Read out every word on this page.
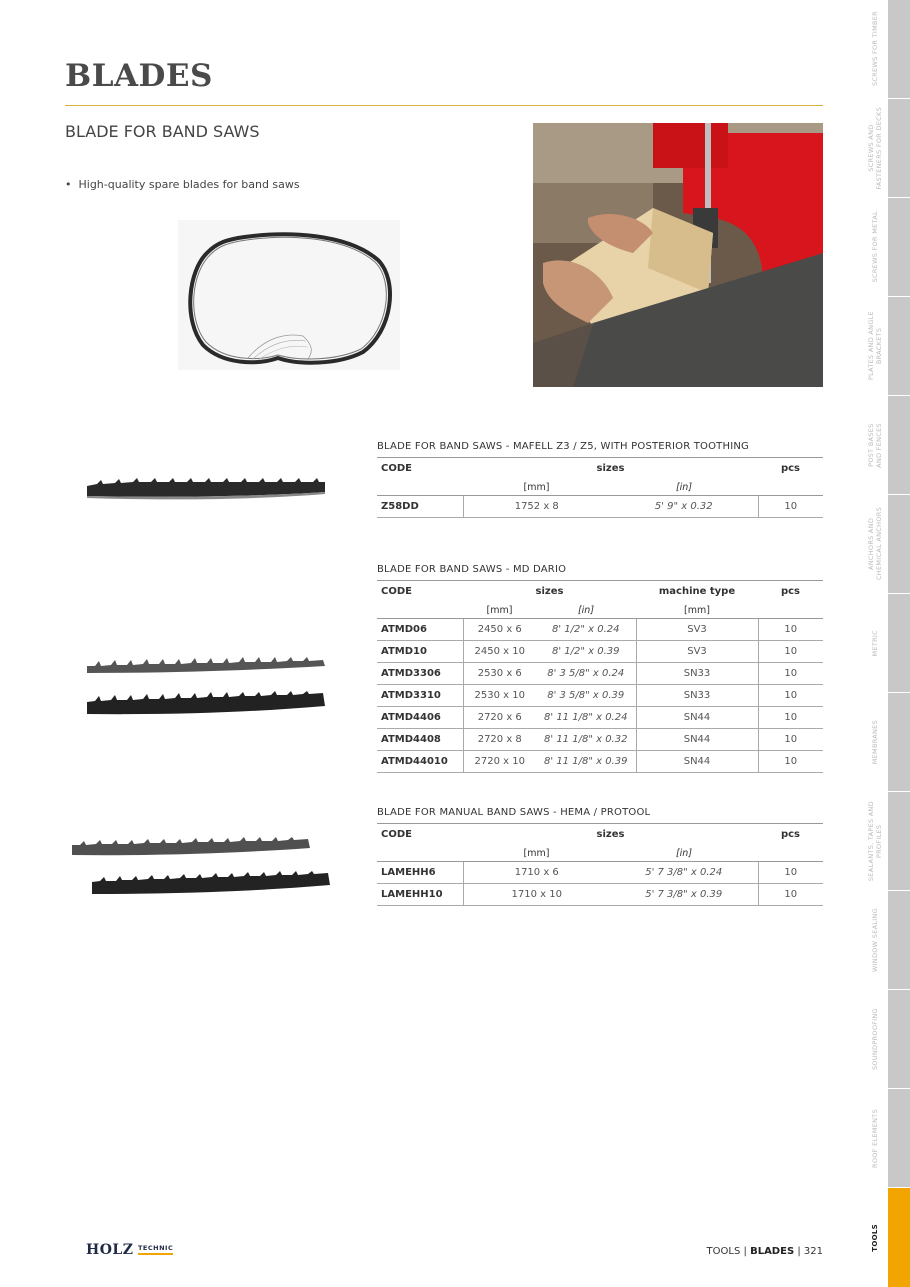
BLADES
BLADE FOR BAND SAWS
• High-quality spare blades for band saws

BLADE FOR BAND SAWS - MAFELL Z3 / Z5, WITH POSTERIOR TOOTHING

CODE	sizes		pcs
	[mm]	[in]	
Z58DD	1752 x 8	5' 9" x 0.32	10

BLADE FOR BAND SAWS - MD DARIO

CODE	sizes		machine type	pcs
	[mm]	[in]	[mm]	
ATMD06	2450 x 6	8' 1/2" x 0.24	SV3	10
ATMD10	2450 x 10	8' 1/2" x 0.39	SV3	10
ATMD3306	2530 x 6	8' 3 5/8" x 0.24	SN33	10
ATMD3310	2530 x 10	8' 3 5/8" x 0.39	SN33	10
ATMD4406	2720 x 6	8' 11 1/8" x 0.24	SN44	10
ATMD4408	2720 x 8	8' 11 1/8" x 0.32	SN44	10
ATMD44010	2720 x 10	8' 11 1/8" x 0.39	SN44	10

BLADE FOR MANUAL BAND SAWS - HEMA / PROTOOL

CODE	sizes		pcs
	[mm]	[in]	
LAMEHH6	1710 x 6	5' 7 3/8" x 0.24	10
LAMEHH10	1710 x 10	5' 7 3/8" x 0.39	10
SCREWS FOR TIMBER
SCREWS AND
FASTENERS FOR DECKS
SCREWS FOR METAL
PLATES AND ANGLE
BRACKETS
POST BASES
AND FENCES
ANCHORS AND
CHEMICAL ANCHORS
METRIC
MEMBRANES
SEALANTS, TAPES AND
PROFILES
WINDOW SEALING
SOUNDPROOFING
ROOF ELEMENTS
TOOLS
HOLZ TECHNIC	TOOLS | BLADES | 321
